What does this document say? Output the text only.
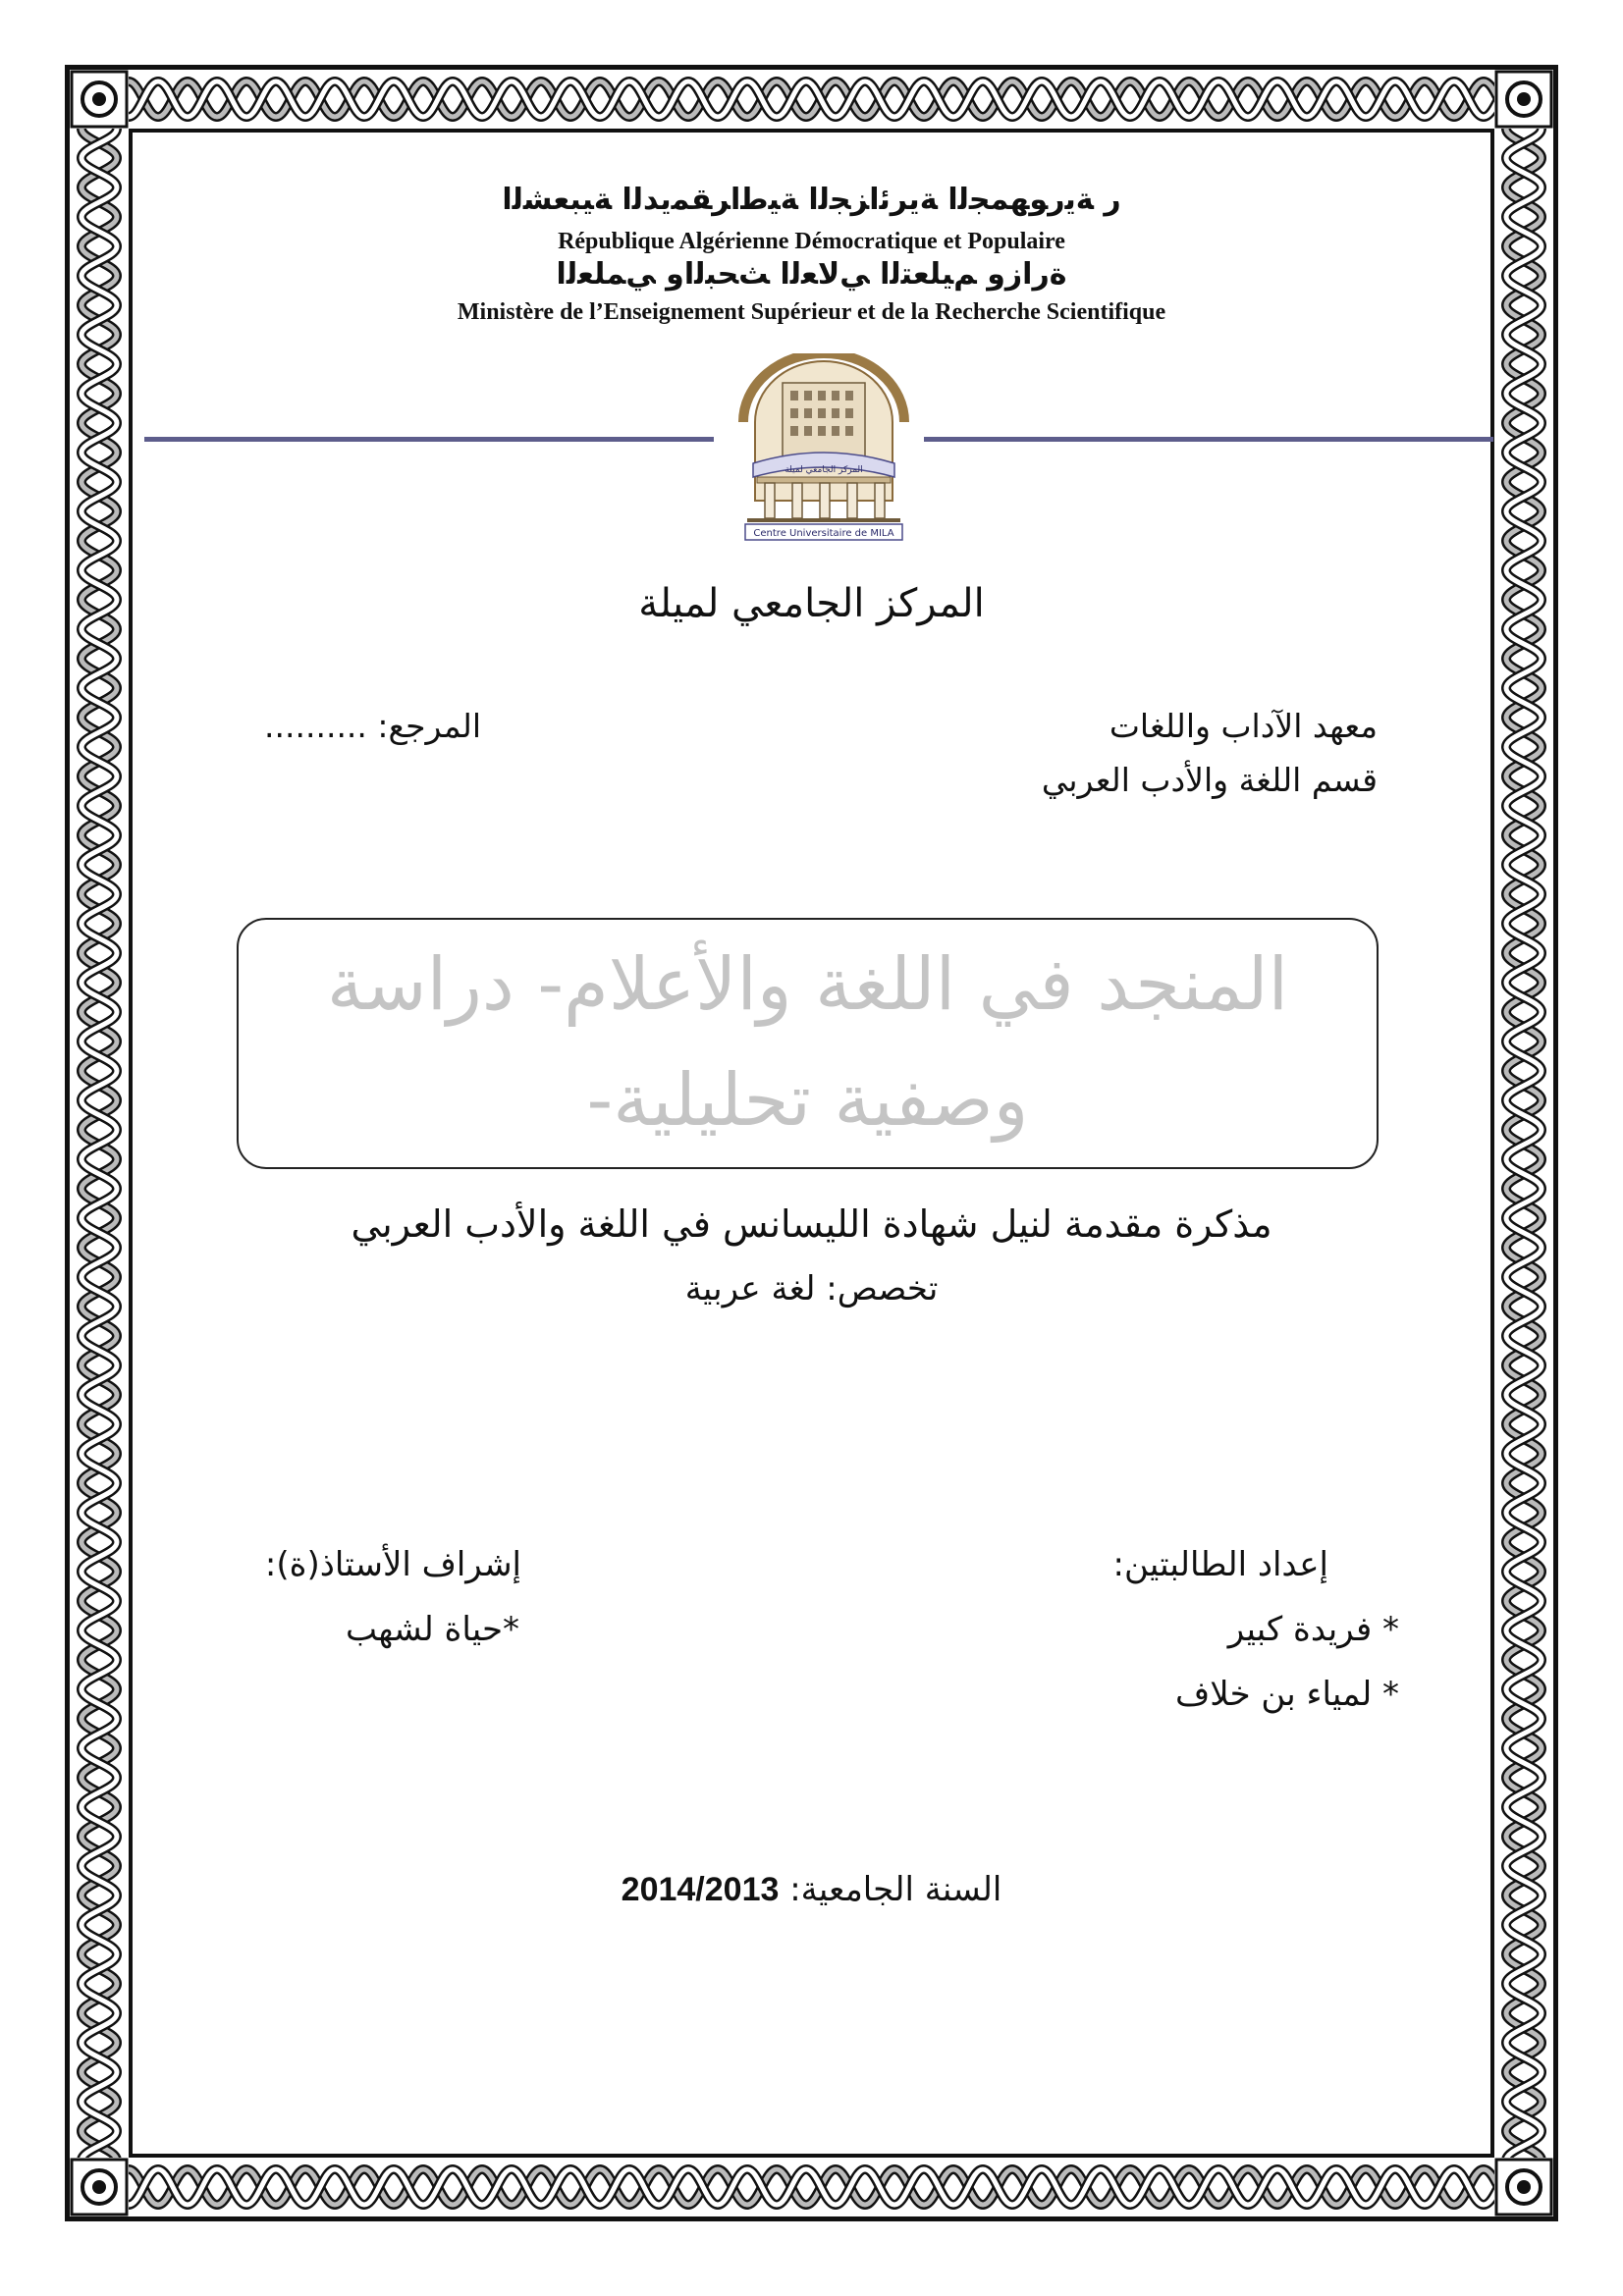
ﺭ ﺔﻳﺭﻮﻬﻤﺠﻟﺍ ﺔﻳﺮﺋﺍﺰﺠﻟﺍ ﺔﻴﻃﺍﺮﻘﻤﻳﺪﻟﺍ ﺔﻴﺒﻌﺸﻟﺍ
République Algérienne Démocratique et Populaire
ﺓﺭﺍﺯﻭ ﻢﻴﻠﻌﺘﻟﺍ ﻲﻟﺎﻌﻟﺍ ﺚﺤﺒﻟﺍﻭ ﻲﻤﻠﻌﻟﺍ
Ministère de l’Enseignement Supérieur et de la Recherche Scientifique
المركز الجامعي لميلة
Centre Universitaire de MILA
المركز الجامعي لميلة
معهد الآداب واللغات
قسم اللغة والأدب العربي
المرجع: ..........
المنجد في اللغة والأعلام- دراسة
وصفية تحليلية-
مذكرة مقدمة لنيل شهادة الليسانس في اللغة والأدب العربي
تخصص: لغة عربية
إعداد الطالبتين:
* فريدة كبير
* لمياء بن خلاف
إشراف الأستاذ(ة):
*حياة لشهب
السنة الجامعية: 2014/2013
